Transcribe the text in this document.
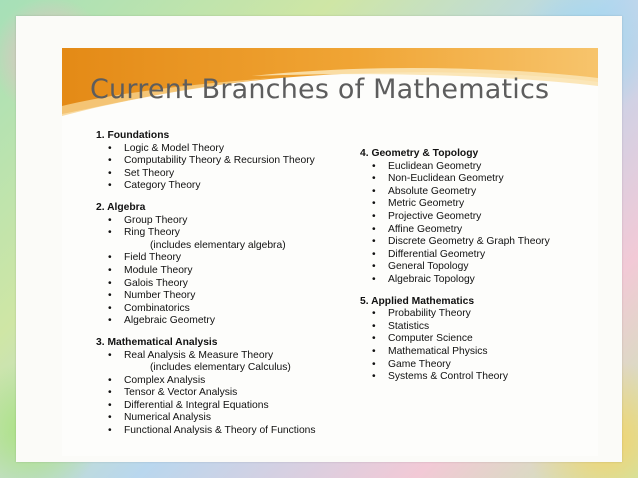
Current Branches of Mathematics
1. Foundations
• Logic & Model Theory
• Computability Theory & Recursion Theory
• Set Theory
• Category Theory
2. Algebra
• Group Theory
• Ring Theory
(includes elementary algebra)
• Field Theory
• Module Theory
• Galois Theory
• Number Theory
• Combinatorics
• Algebraic Geometry
3. Mathematical Analysis
• Real Analysis & Measure Theory
(includes elementary Calculus)
• Complex Analysis
• Tensor & Vector Analysis
• Differential & Integral Equations
• Numerical Analysis
• Functional Analysis & Theory of Functions
4. Geometry & Topology
• Euclidean Geometry
• Non-Euclidean Geometry
• Absolute Geometry
• Metric Geometry
• Projective Geometry
• Affine Geometry
• Discrete Geometry & Graph Theory
• Differential Geometry
• General Topology
• Algebraic Topology
5. Applied Mathematics
• Probability Theory
• Statistics
• Computer Science
• Mathematical Physics
• Game Theory
• Systems & Control Theory
